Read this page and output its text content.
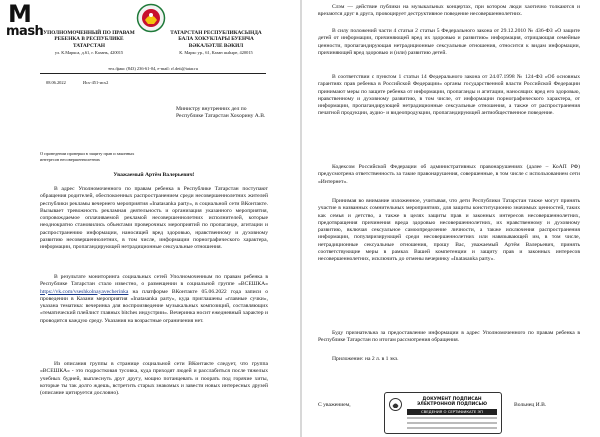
M
mash УПОЛНОМОЧЕННЫЙ ПО ПРАВАМ РЕБЕНКА В РЕСПУБЛИКЕ ТАТАРСТАН
ул. К.Маркса, д.61, г. Казань, 420015
ТАТАРСТАН РЕСПУБЛИКАСЫНДА БАЛА ХОКУКЛАРЫ БУЕНЧА ВӘКАЛӘТЛЕ ВӘКИЛ
К. Маркс ур., 61, Казан шәһәре, 420015
тел./факс (843) 236-61-04, e-mail: rf.deti@tatar.ru
08.06.2022	Исх-451-исх2
Министру внутренних дел по Республике Татарстан Хохорину А.В.
О проведении проверки в защиту прав и законных интересов несовершеннолетних
Уважаемый Артём Валерьевич!
В адрес Уполномоченного по правам ребенка в Республике Татарстан поступают обращения родителей, обеспокоенных распространением среди несовершеннолетних жителей республики рекламы вечернего мероприятия «Inatasanka party», в социальной сети ВКонтакте. Вызывает тревожность рекламная деятельность и организация указанного мероприятия, сопровождаемое оплачиваемой рекламой несовершеннолетних исполнителей, которые неоднократно становились объектами проверочных мероприятий по пропаганде, агитации и распространению информации, наносящей вред здоровью, нравственному и духовному развитию несовершеннолетних, в том числе, информации порнографического характера, информации, пропагандирующей нетрадиционные сексуальные отношения.
В результате мониторинга социальных сетей Уполномоченным по правам ребенка в Республике Татарстан стало известно, о размещении в социальной группе «ВСЕШКА» https://vk.com/vseshkolnayavecherinka на платформе ВКонтакте 05.06.2022 года записи о проведении в Казани мероприятия «Inatasanka party», куда приглашены «главные сучки», указана тематика: вечеринка для воспроизведение музыкальных композиций, составляющих «тематический плейлист главных bitches индустрии». Вечеринка носит ежедневный характер и проводится каждую среду. Указания на возрастные ограничения нет.
Из описания группы в странице социальной сети ВКонтакте следует, что группа «ВСЕШКА» - это подростковая тусовка, куда приходят людей и расслабиться после тяжелых учебных будней, выплеснуть друг другу, мощно потанцевать и поорать под горячие хиты, которые ты так долго ждешь, встретить старых знакомых и завести новых интересных друзей (описание цитируется дословно).
Слэм — действие публики на музыкальных концертах, при котором люди хаотично толкаются и врезаются друг в друга, провоцирует деструктивное поведение несовершеннолетних.
В силу положений части 4 статьи 2 статьи 5 Федерального закона от 29.12.2010 № 436-ФЗ «О защите детей от информации, причиняющей вред их здоровью и развитию» информация, отрицающая семейные ценности, пропагандирующая нетрадиционные сексуальные отношения, относится к видам информации, причиняющей вред здоровью и (или) развитию детей.
В соответствии с пунктом 1 статьи 14 Федерального закона от 24.07.1998 № 124-ФЗ «Об основных гарантиях прав ребенка в Российской Федерации» органы государственной власти Российской Федерации принимают меры по защите ребенка от информации, пропаганды и агитации, наносящих вред его здоровью, нравственному и духовному развитию, в том числе, от информации порнографического характера, от информации, пропагандирующей нетрадиционные сексуальные отношения, а также от распространения печатной продукции, аудио- и видеопродукции, пропагандирующей антиобщественное поведение.
Кодексом Российской Федерации об административных правонарушениях (далее – КоАП РФ) предусмотрена ответственность за такие правонарушения, совершенные, в том числе с использованием сети «Интернет».
Принимая во внимание изложенное, учитывая, что дети Республики Татарстан также могут принять участие в названных сомнительных мероприятиях, для защиты конституционно значимых ценностей, таких как семья и детство, а также в целях защиты прав и законных интересов несовершеннолетних, предотвращения причинения вреда здоровью несовершеннолетних, их нравственному и духовному развитию, включая сексуальное самоопределение личности, а также исключения распространения информации, популяризирующей среди несовершеннолетних или навязывающей им, в том числе, нетрадиционные сексуальные отношения, прошу Вас, уважаемый Артём Валерьевич, принять соответствующие меры в рамках Вашей компетенции и защиту прав и законных интересов несовершеннолетних, исключить до отмены вечеринку «Inatasanka party».
Буду признательна за предоставление информации в адрес Уполномоченного по правам ребенка в Республике Татарстан по итогам рассмотрения обращения.
Приложение: на 2 л. в 1 экз.
С уважением,	Вольнец И.В.
ДОКУМЕНТ ПОДПИСАН ЭЛЕКТРОННОЙ ПОДПИСЬЮ
СВЕДЕНИЯ О СЕРТИФИКАТЕ ЭП
